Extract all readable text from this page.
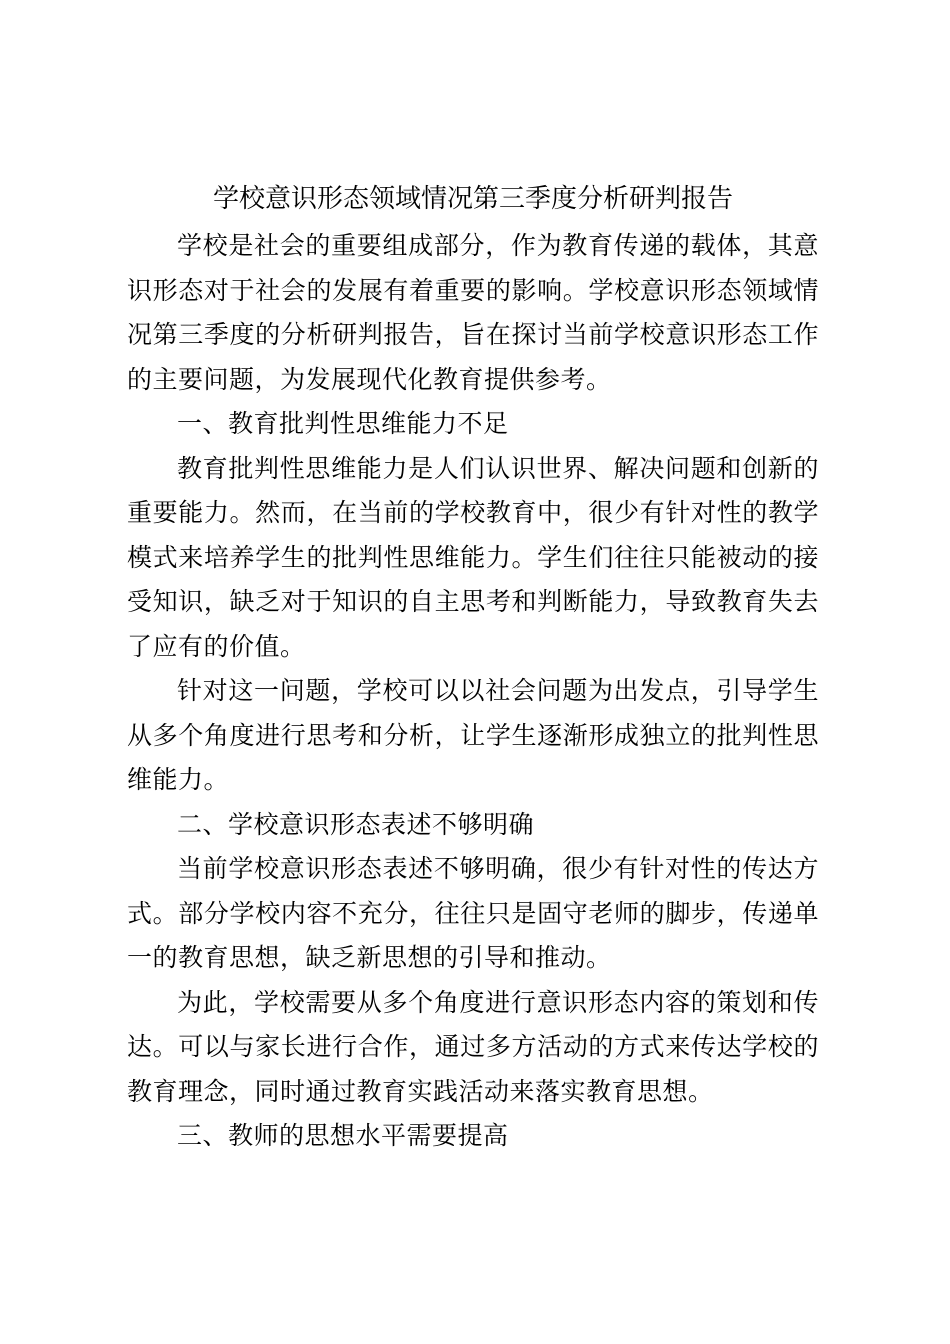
学校意识形态领域情况第三季度分析研判报告

学校是社会的重要组成部分，作为教育传递的载体，其意识形态对于社会的发展有着重要的影响。学校意识形态领域情况第三季度的分析研判报告，旨在探讨当前学校意识形态工作的主要问题，为发展现代化教育提供参考。

一、教育批判性思维能力不足

教育批判性思维能力是人们认识世界、解决问题和创新的重要能力。然而，在当前的学校教育中，很少有针对性的教学模式来培养学生的批判性思维能力。学生们往往只能被动的接受知识，缺乏对于知识的自主思考和判断能力，导致教育失去了应有的价值。

针对这一问题，学校可以以社会问题为出发点，引导学生从多个角度进行思考和分析，让学生逐渐形成独立的批判性思维能力。

二、学校意识形态表述不够明确

当前学校意识形态表述不够明确，很少有针对性的传达方式。部分学校内容不充分，往往只是固守老师的脚步，传递单一的教育思想，缺乏新思想的引导和推动。

为此，学校需要从多个角度进行意识形态内容的策划和传达。可以与家长进行合作，通过多方活动的方式来传达学校的教育理念，同时通过教育实践活动来落实教育思想。

三、教师的思想水平需要提高
